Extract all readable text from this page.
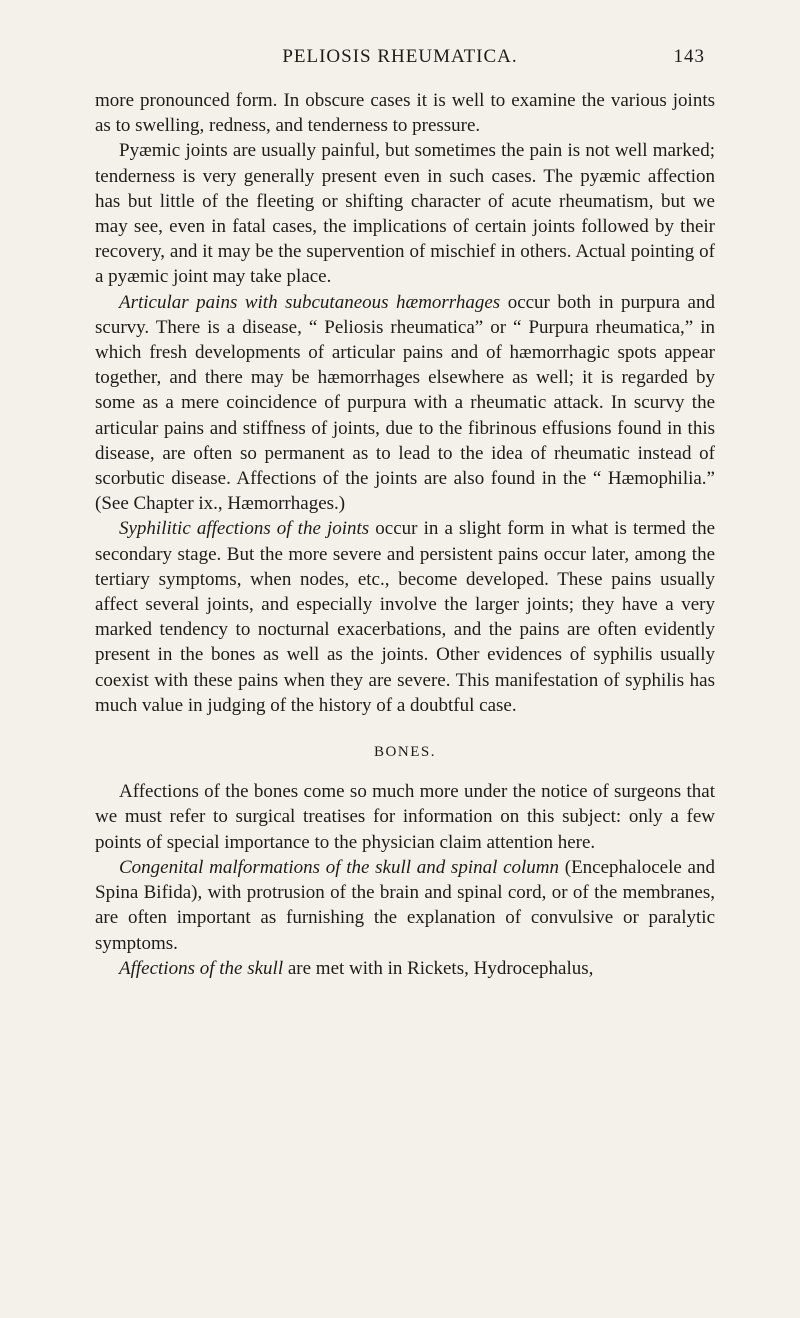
PELIOSIS RHEUMATICA.	143

more pronounced form. In obscure cases it is well to examine the various joints as to swelling, redness, and tenderness to pressure.

Pyæmic joints are usually painful, but sometimes the pain is not well marked; tenderness is very generally present even in such cases. The pyæmic affection has but little of the fleeting or shifting character of acute rheumatism, but we may see, even in fatal cases, the implications of certain joints followed by their recovery, and it may be the supervention of mischief in others. Actual pointing of a pyæmic joint may take place.

Articular pains with subcutaneous hæmorrhages occur both in purpura and scurvy. There is a disease, “ Peliosis rheumatica” or “ Purpura rheumatica,” in which fresh developments of articular pains and of hæmorrhagic spots appear together, and there may be hæmorrhages elsewhere as well; it is regarded by some as a mere coincidence of purpura with a rheumatic attack. In scurvy the articular pains and stiffness of joints, due to the fibrinous effusions found in this disease, are often so permanent as to lead to the idea of rheumatic instead of scorbutic disease. Affections of the joints are also found in the “ Hæmophilia.” (See Chapter ix., Hæmorrhages.)

Syphilitic affections of the joints occur in a slight form in what is termed the secondary stage. But the more severe and persistent pains occur later, among the tertiary symptoms, when nodes, etc., become developed. These pains usually affect several joints, and especially involve the larger joints; they have a very marked tendency to nocturnal exacerbations, and the pains are often evidently present in the bones as well as the joints. Other evidences of syphilis usually coexist with these pains when they are severe. This manifestation of syphilis has much value in judging of the history of a doubtful case.

BONES.

Affections of the bones come so much more under the notice of surgeons that we must refer to surgical treatises for information on this subject: only a few points of special importance to the physician claim attention here.

Congenital malformations of the skull and spinal column (Encephalocele and Spina Bifida), with protrusion of the brain and spinal cord, or of the membranes, are often important as furnishing the explanation of convulsive or paralytic symptoms.

Affections of the skull are met with in Rickets, Hydrocephalus,
